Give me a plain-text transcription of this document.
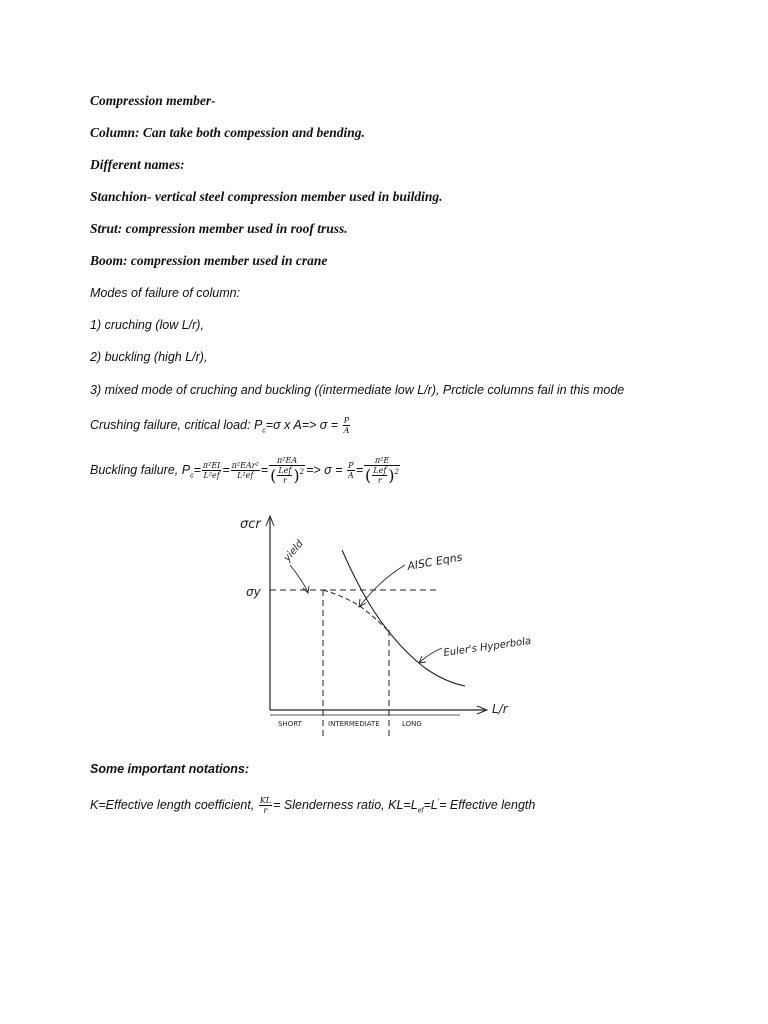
Compression member-
Column: Can take both compession and bending.
Different names:
Stanchion- vertical steel compression member used in building.
Strut: compression member used in roof truss.
Boom: compression member used in crane
Modes of failure of column:
1) cruching (low L/r),
2) buckling (high L/r),
3) mixed mode of cruching and buckling ((intermediate low L/r), Prcticle columns fail in this mode
Crushing failure, critical load: $P_c=\sigma$ x $A=> \sigma = \frac{P}{A}$
Buckling failure, $P_c= \frac{\text{π²EI}}{\text{L²ef}} = \frac{\text{π²EAr²}}{\text{L²ef}} = \frac{\text{π²EA}}{( \frac{\text{Lef}}{r} )^2} => \sigma = \frac{P}{A} = \frac{\text{π²E}}{( \frac{\text{Lef}}{r} )^2}$
σcr
L/r
σy
yield	AISC Eqns
Euler's Hyperbola
SHORT	INTERMEDIATE	LONG
Some important notations:
K=Effective length coefficient, $\frac{KL}{r}$ = Slenderness ratio, $KL=L_{ef}=L'=$ Effective length
